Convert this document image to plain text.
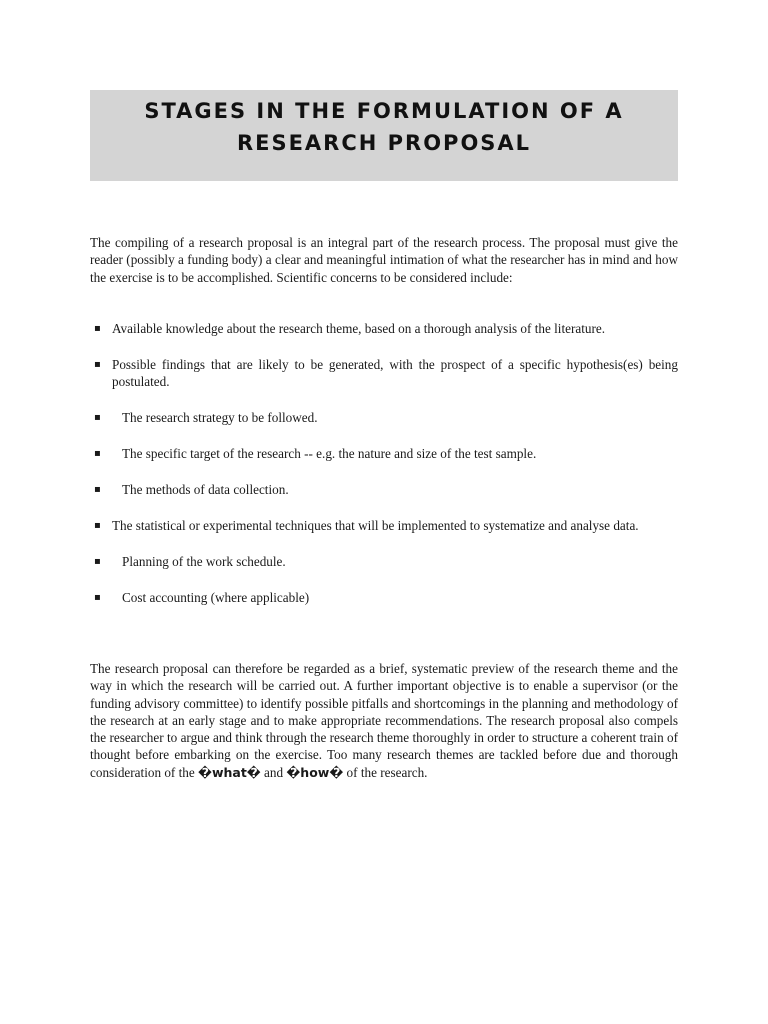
STAGES IN THE FORMULATION OF A
RESEARCH PROPOSAL

The compiling of a research proposal is an integral part of the research process. The proposal must give the reader (possibly a funding body) a clear and meaningful intimation of what the researcher has in mind and how the exercise is to be accomplished. Scientific concerns to be considered include:

▪ Available knowledge about the research theme, based on a thorough analysis of the literature.
▪ Possible findings that are likely to be generated, with the prospect of a specific hypothesis(es) being postulated.
▪ The research strategy to be followed.
▪ The specific target of the research -- e.g. the nature and size of the test sample.
▪ The methods of data collection.
▪ The statistical or experimental techniques that will be implemented to systematize and analyse data.
▪ Planning of the work schedule.
▪ Cost accounting (where applicable)

The research proposal can therefore be regarded as a brief, systematic preview of the research theme and the way in which the research will be carried out. A further important objective is to enable a supervisor (or the funding advisory committee) to identify possible pitfalls and shortcomings in the planning and methodology of the research at an early stage and to make appropriate recommendations. The research proposal also compels the researcher to argue and think through the research theme thoroughly in order to structure a coherent train of thought before embarking on the exercise. Too many research themes are tackled before due and thorough consideration of the �what� and �how� of the research.
